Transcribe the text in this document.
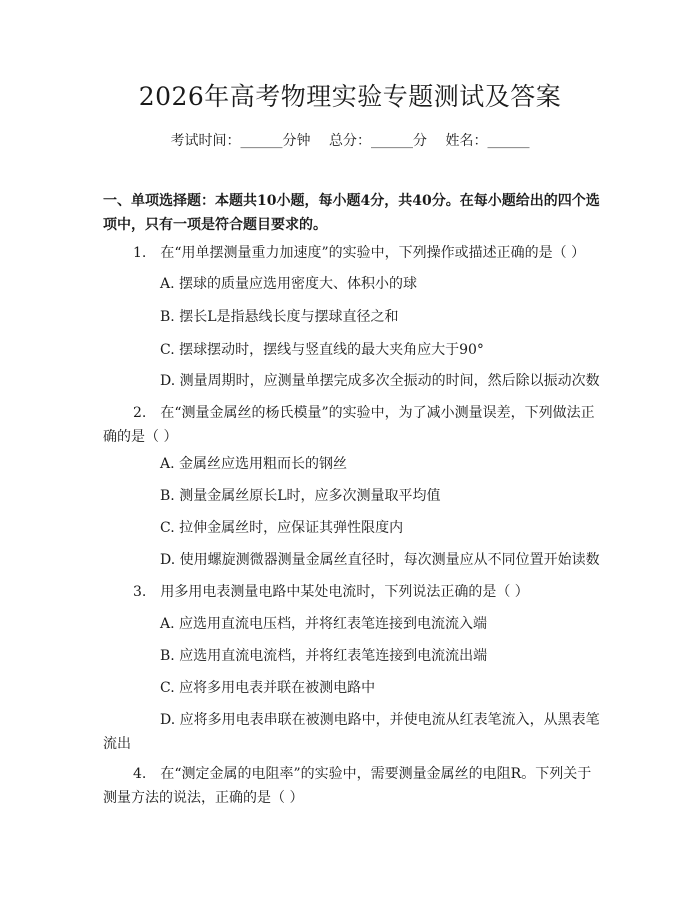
2026年高考物理实验专题测试及答案
考试时间：______分钟 总分：______分 姓名：______
一、单项选择题：本题共10小题，每小题4分，共40分。在每小题给出的四个选项中，只有一项是符合题目要求的。
1.　在“用单摆测量重力加速度”的实验中，下列操作或描述正确的是（ ）
A. 摆球的质量应选用密度大、体积小的球
B. 摆长L是指悬线长度与摆球直径之和
C. 摆球摆动时，摆线与竖直线的最大夹角应大于90°
D. 测量周期时，应测量单摆完成多次全振动的时间，然后除以振动次数
2.　在“测量金属丝的杨氏模量”的实验中，为了减小测量误差，下列做法正确的是（ ）
A. 金属丝应选用粗而长的钢丝
B. 测量金属丝原长L时，应多次测量取平均值
C. 拉伸金属丝时，应保证其弹性限度内
D. 使用螺旋测微器测量金属丝直径时，每次测量应从不同位置开始读数
3.　用多用电表测量电路中某处电流时，下列说法正确的是（ ）
A. 应选用直流电压档，并将红表笔连接到电流流入端
B. 应选用直流电流档，并将红表笔连接到电流流出端
C. 应将多用电表并联在被测电路中
D. 应将多用电表串联在被测电路中，并使电流从红表笔流入，从黑表笔流出
4.　在“测定金属的电阻率”的实验中，需要测量金属丝的电阻R。下列关于测量方法的说法，正确的是（ ）
